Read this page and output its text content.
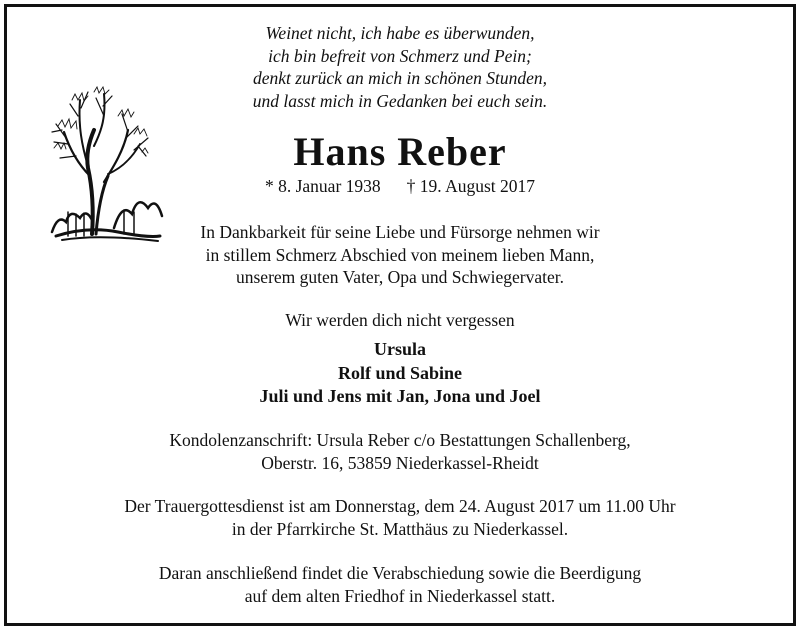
Weinet nicht, ich habe es überwunden,
ich bin befreit von Schmerz und Pein;
denkt zurück an mich in schönen Stunden,
und lasst mich in Gedanken bei euch sein.
Hans Reber
* 8. Januar 1938 † 19. August 2017
In Dankbarkeit für seine Liebe und Fürsorge nehmen wir
in stillem Schmerz Abschied von meinem lieben Mann,
unserem guten Vater, Opa und Schwiegervater.
Wir werden dich nicht vergessen
Ursula
Rolf und Sabine
Juli und Jens mit Jan, Jona und Joel
Kondolenzanschrift: Ursula Reber c/o Bestattungen Schallenberg,
Oberstr. 16, 53859 Niederkassel-Rheidt
Der Trauergottesdienst ist am Donnerstag, dem 24. August 2017 um 11.00 Uhr
in der Pfarrkirche St. Matthäus zu Niederkassel.
Daran anschließend findet die Verabschiedung sowie die Beerdigung
auf dem alten Friedhof in Niederkassel statt.
